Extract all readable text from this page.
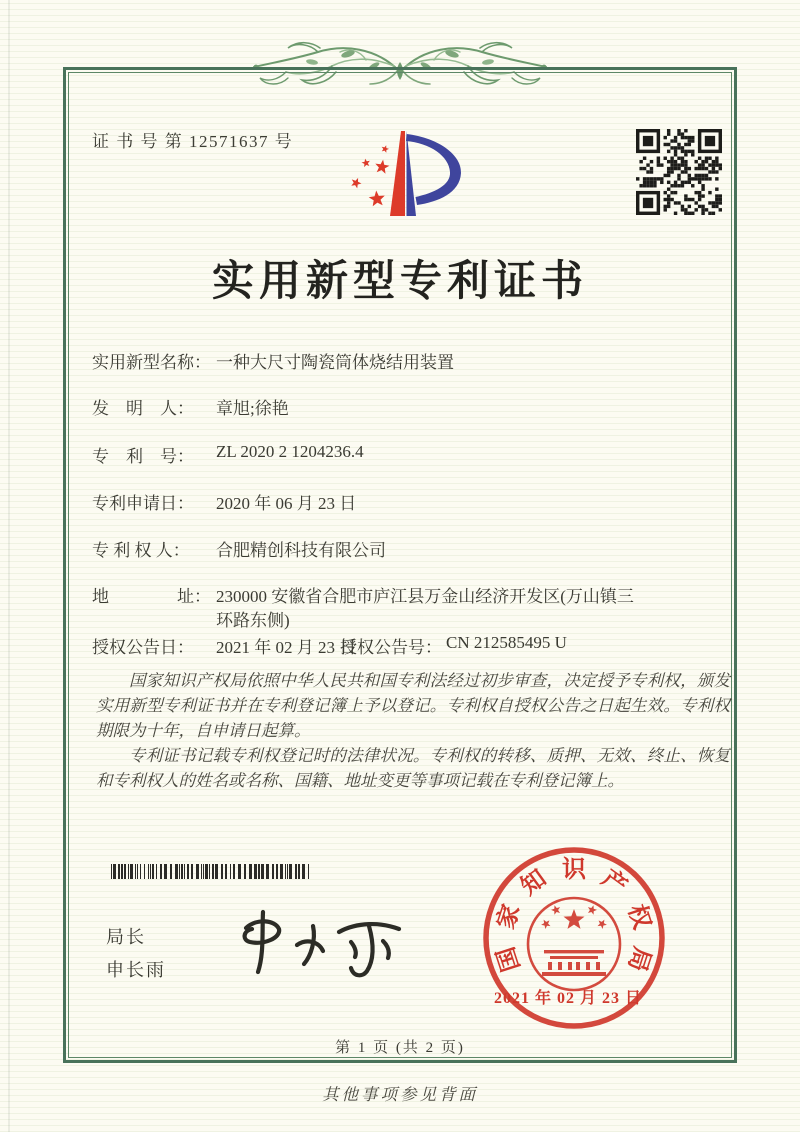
证 书 号 第 12571637 号
实用新型专利证书
实用新型名称： 一种大尺寸陶瓷筒体烧结用装置
发　明　人： 章旭;徐艳
专　利　号： ZL 2020 2 1204236.4
专利申请日： 2020 年 06 月 23 日
专 利 权 人： 合肥精创科技有限公司
地　　　　址： 230000 安徽省合肥市庐江县万金山经济开发区(万山镇三
环路东侧)
授权公告日： 2021 年 02 月 23 日
授权公告号： CN 212585495 U

国家知识产权局依照中华人民共和国专利法经过初步审查，决定授予专利权，颁发实用新型专利证书并在专利登记簿上予以登记。专利权自授权公告之日起生效。专利权期限为十年，自申请日起算。

专利证书记载专利权登记时的法律状况。专利权的转移、质押、无效、终止、恢复和专利权人的姓名或名称、国籍、地址变更等事项记载在专利登记簿上。

局长
申长雨	国
家
知 识 产
权
局
2021 年 02 月 23 日
第 1 页 (共 2 页)
其他事项参见背面
